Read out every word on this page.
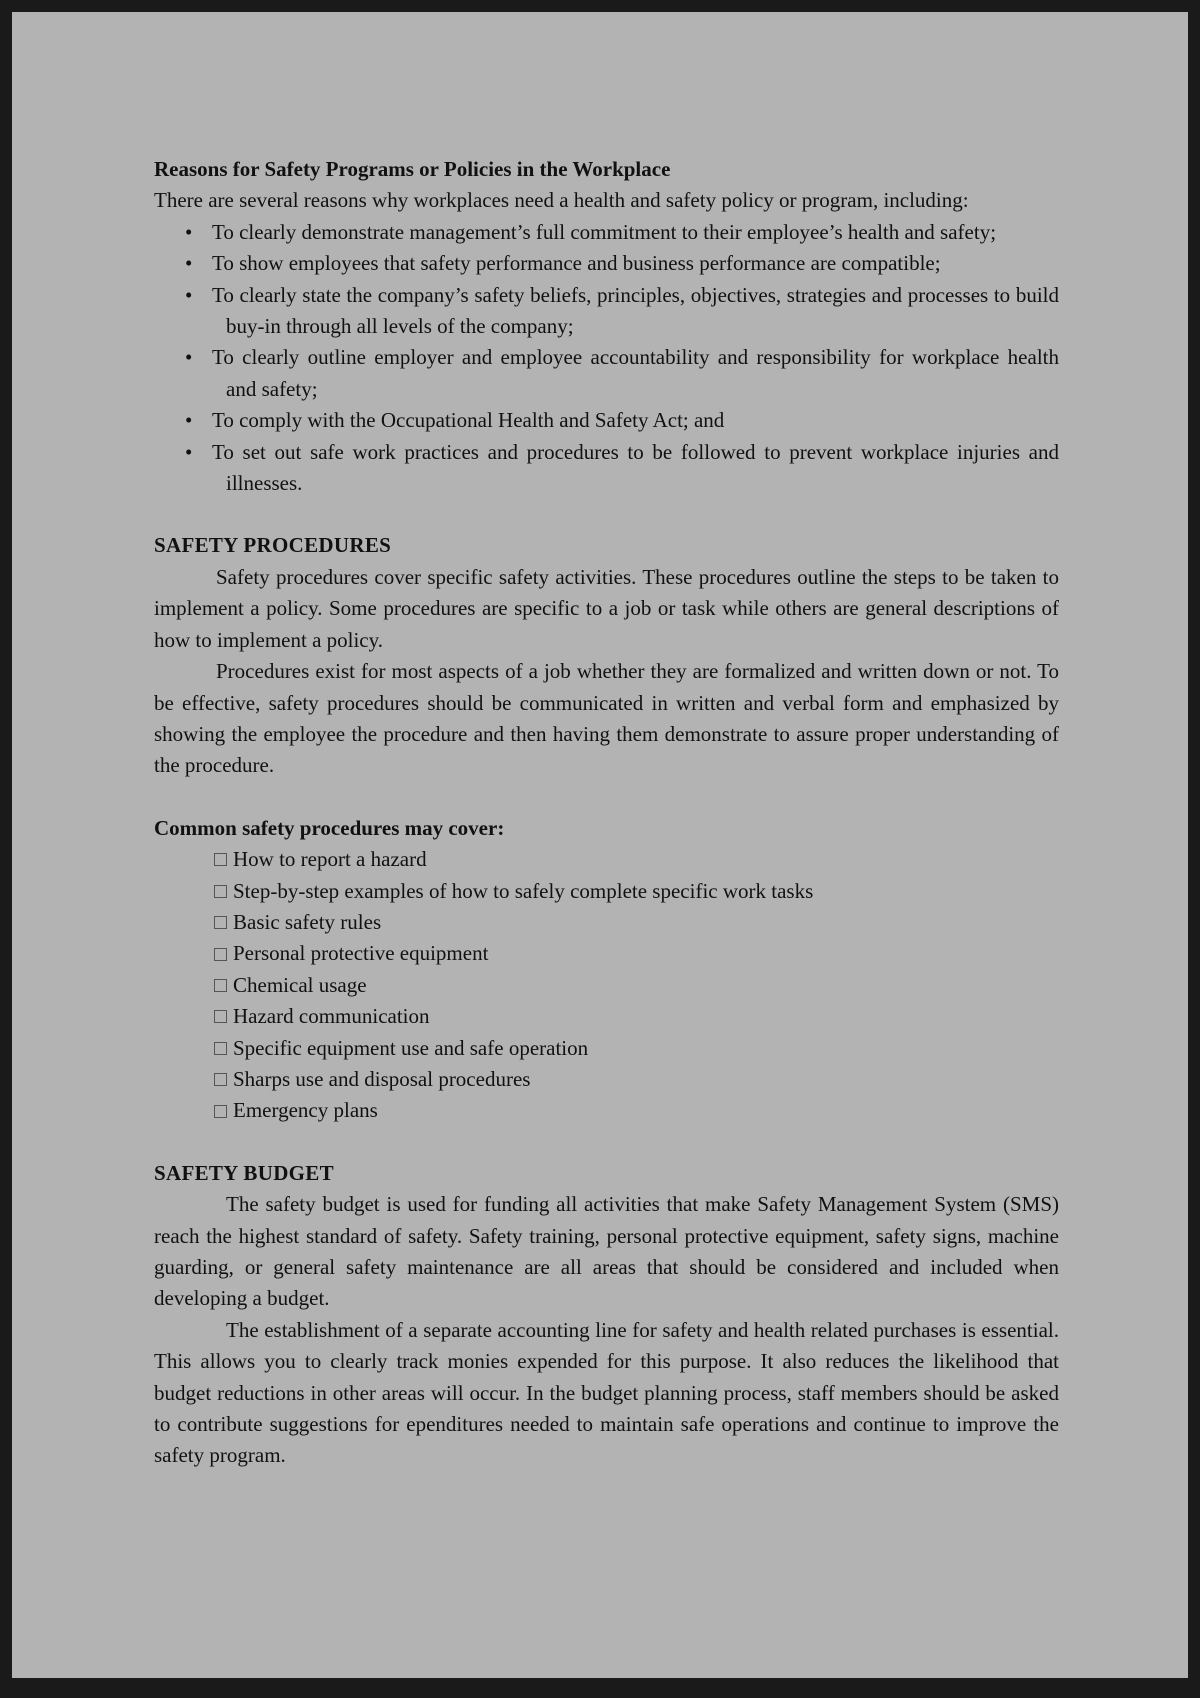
Reasons for Safety Programs or Policies in the Workplace

There are several reasons why workplaces need a health and safety policy or program, including:

• To clearly demonstrate management’s full commitment to their employee’s health and safety;
• To show employees that safety performance and business performance are compatible;
• To clearly state the company’s safety beliefs, principles, objectives, strategies and processes to build buy-in through all levels of the company;
• To clearly outline employer and employee accountability and responsibility for workplace health and safety;
• To comply with the Occupational Health and Safety Act; and
• To set out safe work practices and procedures to be followed to prevent workplace injuries and illnesses.

SAFETY PROCEDURES

Safety procedures cover specific safety activities. These procedures outline the steps to be taken to implement a policy. Some procedures are specific to a job or task while others are general descriptions of how to implement a policy.

Procedures exist for most aspects of a job whether they are formalized and written down or not. To be effective, safety procedures should be communicated in written and verbal form and emphasized by showing the employee the procedure and then having them demonstrate to assure proper understanding of the procedure.

Common safety procedures may cover:

How to report a hazard
Step-by-step examples of how to safely complete specific work tasks
Basic safety rules
Personal protective equipment
Chemical usage
Hazard communication
Specific equipment use and safe operation
Sharps use and disposal procedures
Emergency plans

SAFETY BUDGET

The safety budget is used for funding all activities that make Safety Management System (SMS) reach the highest standard of safety. Safety training, personal protective equipment, safety signs, machine guarding, or general safety maintenance are all areas that should be considered and included when developing a budget.

The establishment of a separate accounting line for safety and health related purchases is essential. This allows you to clearly track monies expended for this purpose. It also reduces the likelihood that budget reductions in other areas will occur. In the budget planning process, staff members should be asked to contribute suggestions for ependitures needed to maintain safe operations and continue to improve the safety program.
